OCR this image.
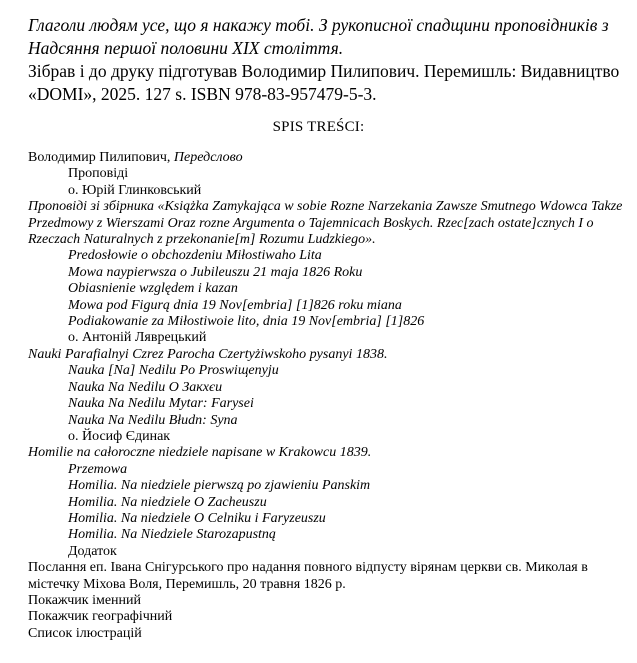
Глаголи людям усе, що я накажу тобі. З рукописної спадщини проповідників з
Надсяння першої половини XIX століття.
Зібрав і до друку підготував Володимир Пилипович. Перемишль: Видавництво
«DOMI», 2025. 127 s. ISBN 978-83-957479-5-3.
SPIS TREŚCI:
Володимир Пилипович, Передслово
Проповіді
о. Юрій Глинковський
Проповіді зі збірника «Książka Zamykająca w sobie Rozne Narzekania Zawsze Smutnego Wdowca Takze Przedmowy z Wierszami Oraz rozne Argumenta o Tajemnicach Boskych. Rzec[zach ostate]cznych I o Rzeczach Naturalnych z przekonanie[m] Rozumu Ludzkiego».
Predosłowie o obchozdeniu Miłostiwaho Lita
Mowa naypierwsza o Jubileuszu 21 maja 1826 Roku
Obiasnienie względem i kazan
Mowa pod Figurą dnia 19 Nov[embria] [1]826 roku miana
Podiakowanie za Miłostiwoie lito, dnia 19 Nov[embria] [1]826
о. Антоній Ляврецький
Nauki Parafialnyi Czrez Parocha Czertyżiwskoho pysanyi 1838.
Nauka [Na] Nedilu Po Proswiщenyju
Nauka Na Nedilu O Закхєи
Nauka Na Nedilu Mytar: Farysei
Nauka Na Nedilu Błudn: Syna
о. Йосиф Єдинак
Homilie na całoroczne niedziele napisane w Krakowcu 1839.
Przemowa
Homilia. Na niedziele pierwszą po zjawieniu Panskim
Homilia. Na niedziele O Zacheuszu
Homilia. Na niedziele O Celniku i Faryzeuszu
Homilia. Na Niedziele Starozapustną
Додаток
Послання еп. Івана Снігурського про надання повного відпусту вірянам церкви св. Миколая в містечку Міхова Воля, Перемишль, 20 травня 1826 р.
Покажчик іменний
Покажчик географічний
Список ілюстрацій
